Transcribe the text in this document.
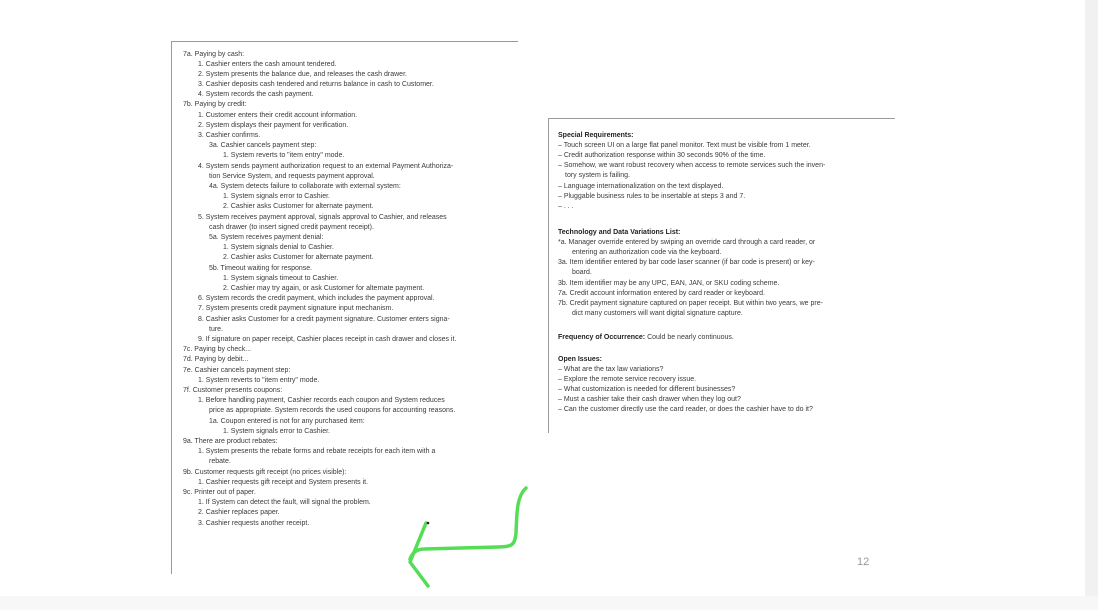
7a. Paying by cash:
1. Cashier enters the cash amount tendered.
2. System presents the balance due, and releases the cash drawer.
3. Cashier deposits cash tendered and returns balance in cash to Customer.
4. System records the cash payment.
7b. Paying by credit:
1. Customer enters their credit account information.
2. System displays their payment for verification.
3. Cashier confirms.
3a. Cashier cancels payment step:
1. System reverts to "item entry" mode.
4. System sends payment authorization request to an external Payment Authoriza-
tion Service System, and requests payment approval.
4a. System detects failure to collaborate with external system:
1. System signals error to Cashier.
2. Cashier asks Customer for alternate payment.
5. System receives payment approval, signals approval to Cashier, and releases
cash drawer (to insert signed credit payment receipt).
5a. System receives payment denial:
1. System signals denial to Cashier.
2. Cashier asks Customer for alternate payment.
5b. Timeout waiting for response.
1. System signals timeout to Cashier.
2. Cashier may try again, or ask Customer for alternate payment.
6. System records the credit payment, which includes the payment approval.
7. System presents credit payment signature input mechanism.
8. Cashier asks Customer for a credit payment signature. Customer enters signa-
ture.
9. If signature on paper receipt, Cashier places receipt in cash drawer and closes it.
7c. Paying by check...
7d. Paying by debit...
7e. Cashier cancels payment step:
1. System reverts to "item entry" mode.
7f. Customer presents coupons:
1. Before handling payment, Cashier records each coupon and System reduces
price as appropriate. System records the used coupons for accounting reasons.
1a. Coupon entered is not for any purchased item:
1. System signals error to Cashier.
9a. There are product rebates:
1. System presents the rebate forms and rebate receipts for each item with a
rebate.
9b. Customer requests gift receipt (no prices visible):
1. Cashier requests gift receipt and System presents it.
9c. Printer out of paper.
1. If System can detect the fault, will signal the problem.
2. Cashier replaces paper.
3. Cashier requests another receipt.
Special Requirements:
– Touch screen UI on a large flat panel monitor. Text must be visible from 1 meter.
– Credit authorization response within 30 seconds 90% of the time.
– Somehow, we want robust recovery when access to remote services such the inven-
tory system is failing.
– Language internationalization on the text displayed.
– Pluggable business rules to be insertable at steps 3 and 7.
– . . .
Technology and Data Variations List:
*a. Manager override entered by swiping an override card through a card reader, or
entering an authorization code via the keyboard.
3a. Item identifier entered by bar code laser scanner (if bar code is present) or key-
board.
3b. Item identifier may be any UPC, EAN, JAN, or SKU coding scheme.
7a. Credit account information entered by card reader or keyboard.
7b. Credit payment signature captured on paper receipt. But within two years, we pre-
dict many customers will want digital signature capture.
Frequency of Occurrence: Could be nearly continuous.
Open Issues:
– What are the tax law variations?
– Explore the remote service recovery issue.
– What customization is needed for different businesses?
– Must a cashier take their cash drawer when they log out?
– Can the customer directly use the card reader, or does the cashier have to do it?
12
